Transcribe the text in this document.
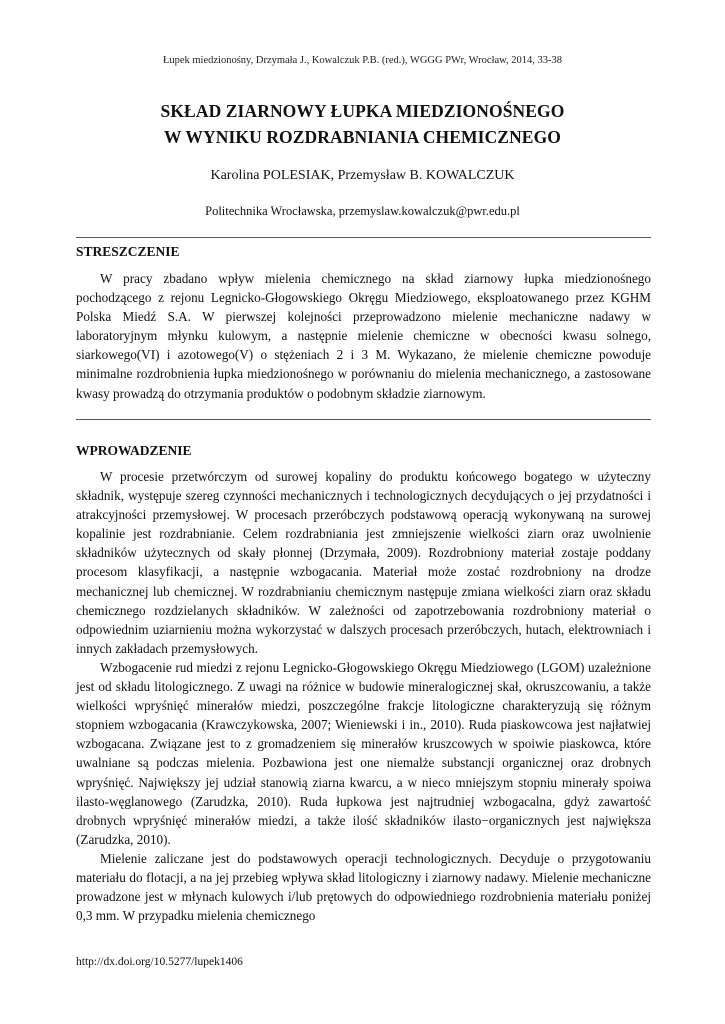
Łupek miedzionośny, Drzymała J., Kowalczuk P.B. (red.), WGGG PWr, Wrocław, 2014, 33-38
SKŁAD ZIARNOWY ŁUPKA MIEDZIONOŚNEGO
W WYNIKU ROZDRABNIANIA CHEMICZNEGO
Karolina POLESIAK, Przemysław B. KOWALCZUK
Politechnika Wrocławska, przemyslaw.kowalczuk@pwr.edu.pl
STRESZCZENIE

W pracy zbadano wpływ mielenia chemicznego na skład ziarnowy łupka miedzionośnego pochodzącego z rejonu Legnicko-Głogowskiego Okręgu Miedziowego, eksploatowanego przez KGHM Polska Miedź S.A. W pierwszej kolejności przeprowadzono mielenie mechaniczne nadawy w laboratoryjnym młynku kulowym, a następnie mielenie chemiczne w obecności kwasu solnego, siarkowego(VI) i azotowego(V) o stężeniach 2 i 3 M. Wykazano, że mielenie chemiczne powoduje minimalne rozdrobnienia łupka miedzionośnego w porównaniu do mielenia mechanicznego, a zastosowane kwasy prowadzą do otrzymania produktów o podobnym składzie ziarnowym.

WPROWADZENIE

W procesie przetwórczym od surowej kopaliny do produktu końcowego bogatego w użyteczny składnik, występuje szereg czynności mechanicznych i technologicznych decydujących o jej przydatności i atrakcyjności przemysłowej. W procesach przeróbczych podstawową operacją wykonywaną na surowej kopalinie jest rozdrabnianie. Celem rozdrabniania jest zmniejszenie wielkości ziarn oraz uwolnienie składników użytecznych od skały płonnej (Drzymała, 2009). Rozdrobniony materiał zostaje poddany procesom klasyfikacji, a następnie wzbogacania. Materiał może zostać rozdrobniony na drodze mechanicznej lub chemicznej. W rozdrabnianiu chemicznym następuje zmiana wielkości ziarn oraz składu chemicznego rozdzielanych składników. W zależności od zapotrzebowania rozdrobniony materiał o odpowiednim uziarnieniu można wykorzystać w dalszych procesach przeróbczych, hutach, elektrowniach i innych zakładach przemysłowych.

Wzbogacenie rud miedzi z rejonu Legnicko-Głogowskiego Okręgu Miedziowego (LGOM) uzależnione jest od składu litologicznego. Z uwagi na różnice w budowie mineralogicznej skał, okruszcowaniu, a także wielkości wpryśnięć minerałów miedzi, poszczególne frakcje litologiczne charakteryzują się różnym stopniem wzbogacania (Krawczykowska, 2007; Wieniewski i in., 2010). Ruda piaskowcowa jest najłatwiej wzbogacana. Związane jest to z gromadzeniem się minerałów kruszcowych w spoiwie piaskowca, które uwalniane są podczas mielenia. Pozbawiona jest one niemalże substancji organicznej oraz drobnych wpryśnięć. Największy jej udział stanowią ziarna kwarcu, a w nieco mniejszym stopniu minerały spoiwa ilasto-węglanowego (Zarudzka, 2010). Ruda łupkowa jest najtrudniej wzbogacalna, gdyż zawartość drobnych wpryśnięć minerałów miedzi, a także ilość składników ilasto−organicznych jest największa (Zarudzka, 2010).

Mielenie zaliczane jest do podstawowych operacji technologicznych. Decyduje o przygotowaniu materiału do flotacji, a na jej przebieg wpływa skład litologiczny i ziarnowy nadawy. Mielenie mechaniczne prowadzone jest w młynach kulowych i/lub prętowych do odpowiedniego rozdrobnienia materiału poniżej 0,3 mm. W przypadku mielenia chemicznego

http://dx.doi.org/10.5277/lupek1406
